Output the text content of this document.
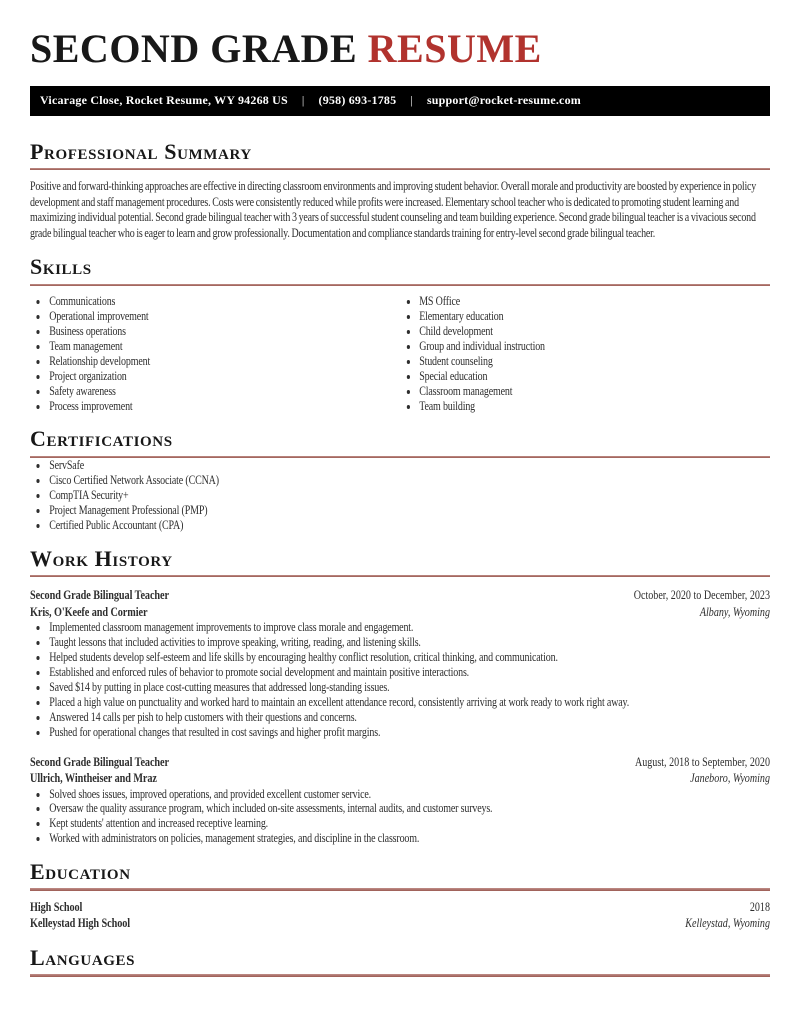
SECOND GRADE RESUME
Vicarage Close, Rocket Resume, WY 94268 US | (958) 693-1785 | support@rocket-resume.com
Professional Summary

Positive and forward-thinking approaches are effective in directing classroom environments and improving student behavior. Overall morale and productivity are boosted by experience in policy development and staff management procedures. Costs were consistently reduced while profits were increased. Elementary school teacher who is dedicated to promoting student learning and maximizing individual potential. Second grade bilingual teacher with 3 years of successful student counseling and team building experience. Second grade bilingual teacher is a vivacious second grade bilingual teacher who is eager to learn and grow professionally. Documentation and compliance standards training for entry-level second grade bilingual teacher.

Skills
• Communications
• Operational improvement
• Business operations
• Team management
• Relationship development
• Project organization
• Safety awareness
• Process improvement
• MS Office
• Elementary education
• Child development
• Group and individual instruction
• Student counseling
• Special education
• Classroom management
• Team building
Certifications
• ServSafe
• Cisco Certified Network Associate (CCNA)
• CompTIA Security+
• Project Management Professional (PMP)
• Certified Public Accountant (CPA)
Work History
Second Grade Bilingual Teacher	October, 2020 to December, 2023
Kris, O'Keefe and Cormier	Albany, Wyoming
• Implemented classroom management improvements to improve class morale and engagement.
• Taught lessons that included activities to improve speaking, writing, reading, and listening skills.
• Helped students develop self-esteem and life skills by encouraging healthy conflict resolution, critical thinking, and communication.
• Established and enforced rules of behavior to promote social development and maintain positive interactions.
• Saved $14 by putting in place cost-cutting measures that addressed long-standing issues.
• Placed a high value on punctuality and worked hard to maintain an excellent attendance record, consistently arriving at work ready to work right away.
• Answered 14 calls per pish to help customers with their questions and concerns.
• Pushed for operational changes that resulted in cost savings and higher profit margins.
Second Grade Bilingual Teacher	August, 2018 to September, 2020
Ullrich, Wintheiser and Mraz	Janeboro, Wyoming
• Solved shoes issues, improved operations, and provided excellent customer service.
• Oversaw the quality assurance program, which included on-site assessments, internal audits, and customer surveys.
• Kept students' attention and increased receptive learning.
• Worked with administrators on policies, management strategies, and discipline in the classroom.
Education
High School	2018
Kelleystad High School	Kelleystad, Wyoming
Languages
